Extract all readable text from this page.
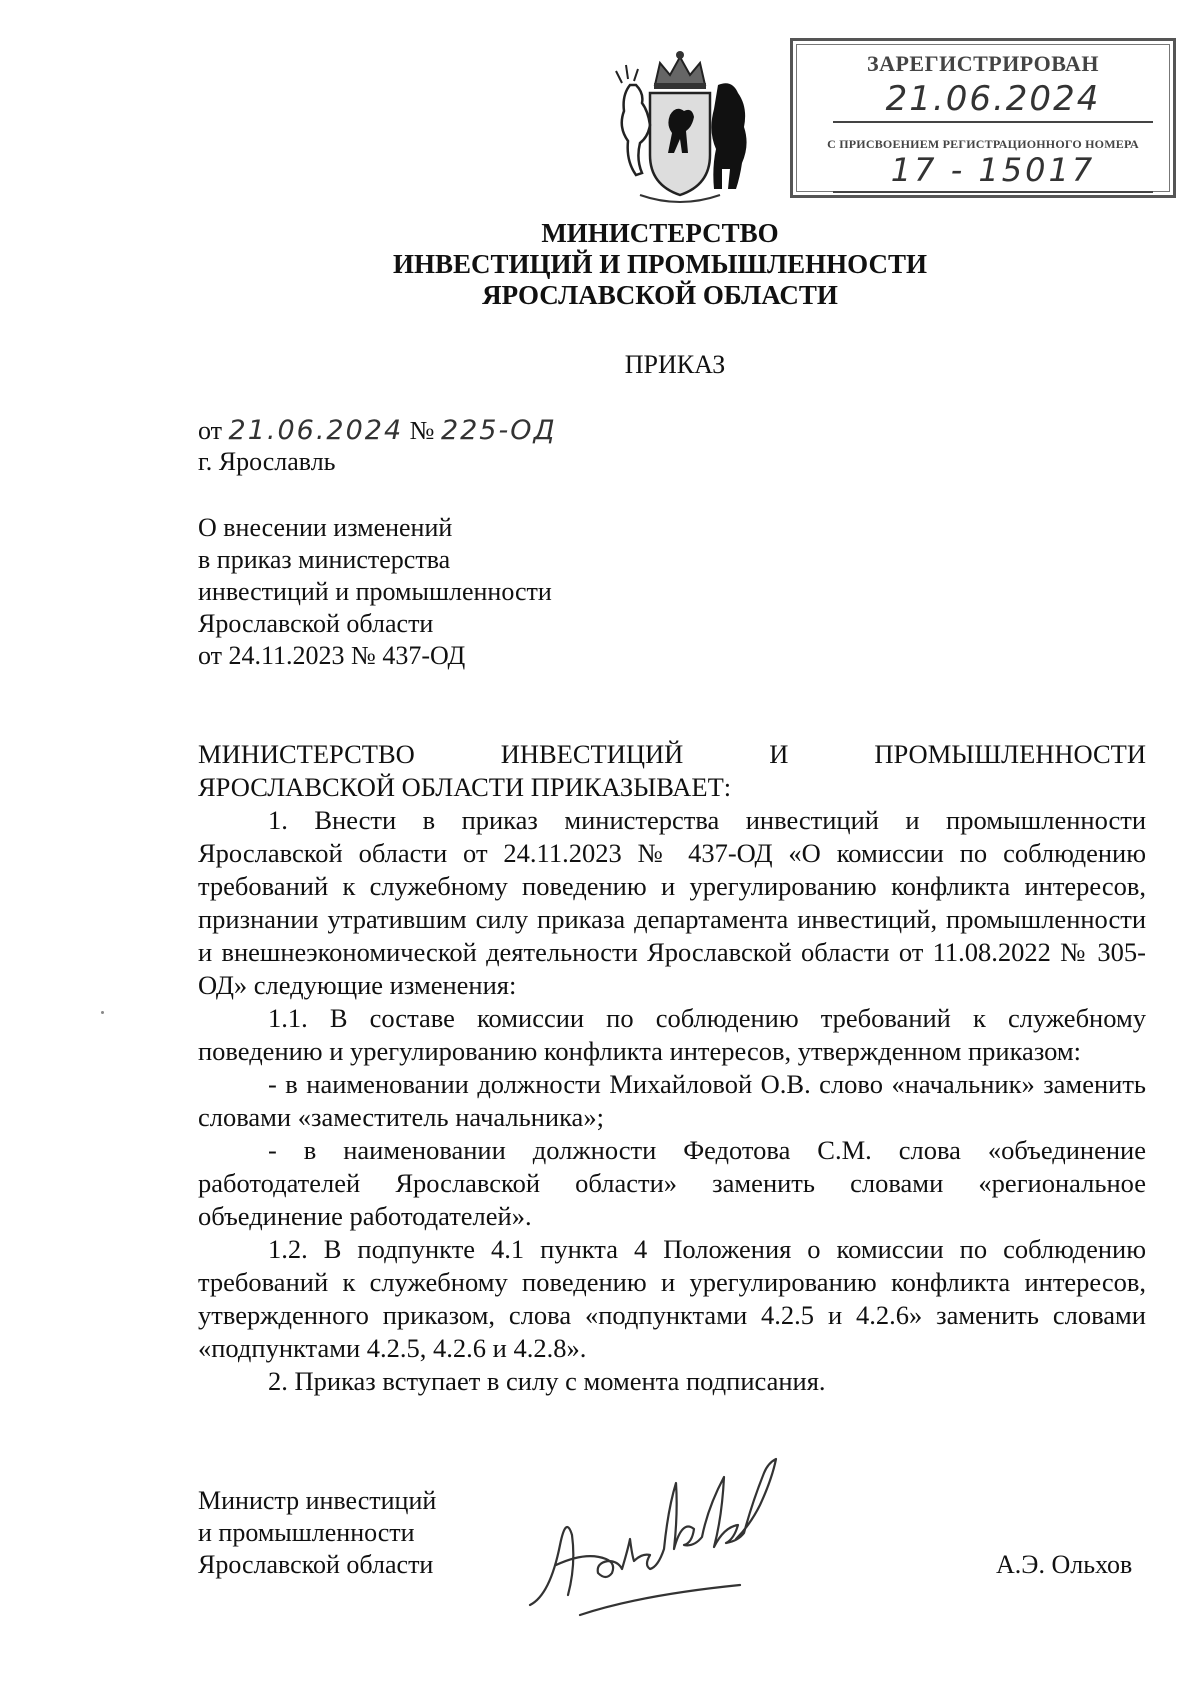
ЗАРЕГИСТРИРОВАН
21.06.2024
С ПРИСВОЕНИЕМ РЕГИСТРАЦИОННОГО НОМЕРА
17 - 15017
МИНИСТЕРСТВО
ИНВЕСТИЦИЙ И ПРОМЫШЛЕННОСТИ
ЯРОСЛАВСКОЙ ОБЛАСТИ
ПРИКАЗ
от 21.06.2024 № 225-ОД
г. Ярославль
О внесении изменений
в приказ министерства
инвестиций и промышленности
Ярославской области
от 24.11.2023 № 437-ОД

МИНИСТЕРСТВО ИНВЕСТИЦИЙ И ПРОМЫШЛЕННОСТИ

ЯРОСЛАВСКОЙ ОБЛАСТИ ПРИКАЗЫВАЕТ:

1. Внести в приказ министерства инвестиций и промышленности Ярославской области от 24.11.2023 № 437-ОД «О комиссии по соблюдению требований к служебному поведению и урегулированию конфликта интересов, признании утратившим силу приказа департамента инвестиций, промышленности и внешнеэкономической деятельности Ярославской области от 11.08.2022 № 305-ОД» следующие изменения:

1.1. В составе комиссии по соблюдению требований к служебному поведению и урегулированию конфликта интересов, утвержденном приказом:

- в наименовании должности Михайловой О.В. слово «начальник» заменить словами «заместитель начальника»;

- в наименовании должности Федотова С.М. слова «объединение работодателей Ярославской области» заменить словами «региональное объединение работодателей».

1.2. В подпункте 4.1 пункта 4 Положения о комиссии по соблюдению требований к служебному поведению и урегулированию конфликта интересов, утвержденного приказом, слова «подпунктами 4.2.5 и 4.2.6» заменить словами «подпунктами 4.2.5, 4.2.6 и 4.2.8».

2. Приказ вступает в силу с момента подписания.

Министр инвестиций
и промышленности
Ярославской области	А.Э. Ольхов
